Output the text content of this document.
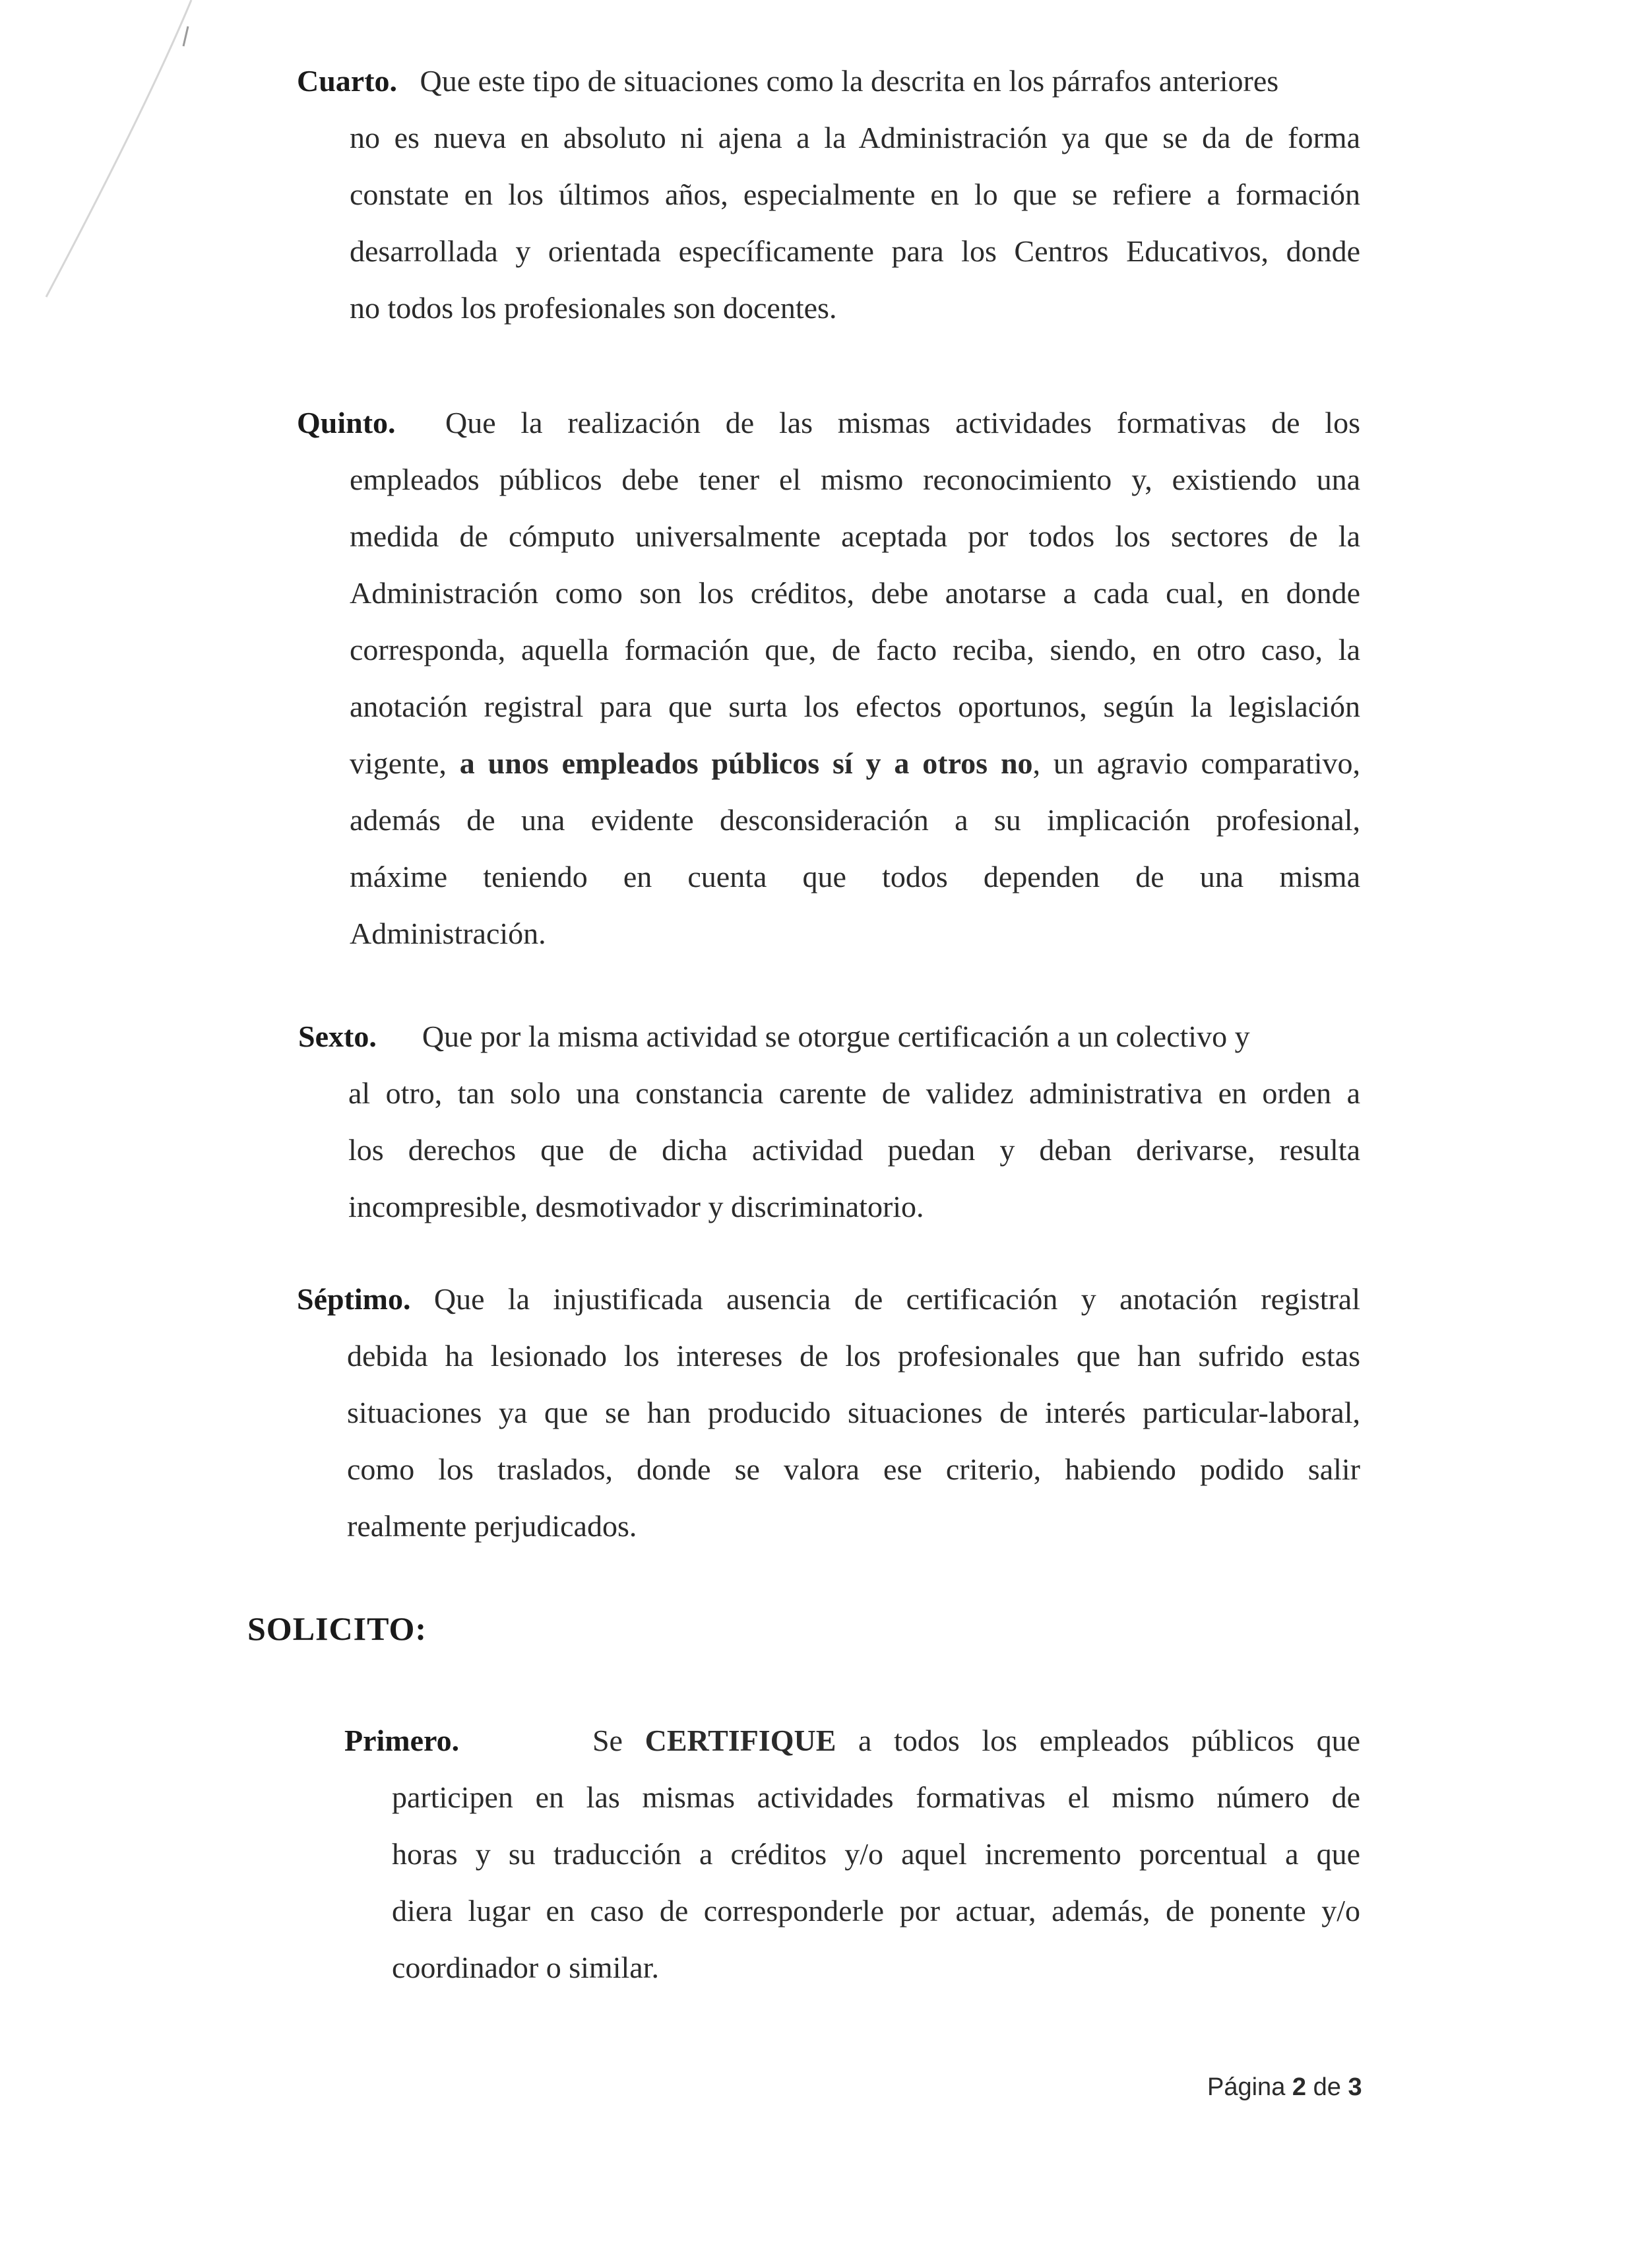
Cuarto. Que este tipo de situaciones como la descrita en los párrafos anteriores
no es nueva en absoluto ni ajena a la Administración ya que se da de forma
constate en los últimos años, especialmente en lo que se refiere a formación
desarrollada y orientada específicamente para los Centros Educativos, donde
no todos los profesionales son docentes.
Quinto. Que la realización de las mismas actividades formativas de los
empleados públicos debe tener el mismo reconocimiento y, existiendo una
medida de cómputo universalmente aceptada por todos los sectores de la
Administración como son los créditos, debe anotarse a cada cual, en donde
corresponda, aquella formación que, de facto reciba, siendo, en otro caso, la
anotación registral para que surta los efectos oportunos, según la legislación
vigente, a unos empleados públicos sí y a otros no, un agravio comparativo,
además de una evidente desconsideración a su implicación profesional,
máxime teniendo en cuenta que todos dependen de una misma
Administración.
Sexto. Que por la misma actividad se otorgue certificación a un colectivo y
al otro, tan solo una constancia carente de validez administrativa en orden a
los derechos que de dicha actividad puedan y deban derivarse, resulta
incompresible, desmotivador y discriminatorio.
Séptimo. Que la injustificada ausencia de certificación y anotación registral
debida ha lesionado los intereses de los profesionales que han sufrido estas
situaciones ya que se han producido situaciones de interés particular-laboral,
como los traslados, donde se valora ese criterio, habiendo podido salir
realmente perjudicados.
SOLICITO:
Primero.	Se CERTIFIQUE a todos los empleados públicos que
participen en las mismas actividades formativas el mismo número de
horas y su traducción a créditos y/o aquel incremento porcentual a que
diera lugar en caso de corresponderle por actuar, además, de ponente y/o
coordinador o similar.
Página 2 de 3
